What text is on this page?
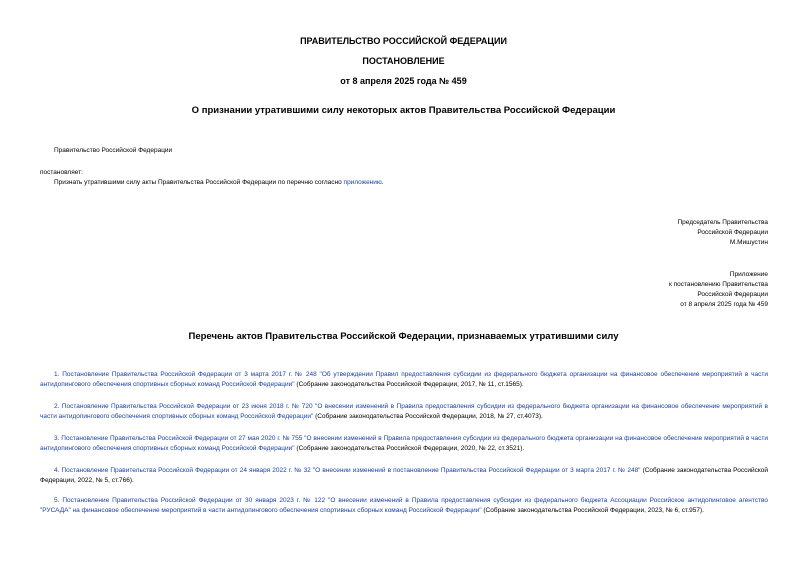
ПРАВИТЕЛЬСТВО РОССИЙСКОЙ ФЕДЕРАЦИИ
ПОСТАНОВЛЕНИЕ
от 8 апреля 2025 года № 459
О признании утратившими силу некоторых актов Правительства Российской Федерации
Правительство Российской Федерации
постановляет:
Признать утратившими силу акты Правительства Российской Федерации по перечню согласно приложению.
Председатель Правительства
Российской Федерации
М.Мишустин
Приложение
к постановлению Правительства
Российской Федерации
от 8 апреля 2025 года № 459
Перечень актов Правительства Российской Федерации, признаваемых утратившими силу
1. Постановление Правительства Российской Федерации от 3 марта 2017 г. № 248 "Об утверждении Правил предоставления субсидии из федерального бюджета организации на финансовое обеспечение мероприятий в части антидопингового обеспечения спортивных сборных команд Российской Федерации" (Собрание законодательства Российской Федерации, 2017, № 11, ст.1565).
2. Постановление Правительства Российской Федерации от 23 июня 2018 г. № 720 "О внесении изменений в Правила предоставления субсидии из федерального бюджета организации на финансовое обеспечение мероприятий в части антидопингового обеспечения спортивных сборных команд Российской Федерации" (Собрание законодательства Российской Федерации, 2018, № 27, ст.4073).
3. Постановление Правительства Российской Федерации от 27 мая 2020 г. № 755 "О внесении изменений в Правила предоставления субсидии из федерального бюджета организации на финансовое обеспечение мероприятий в части антидопингового обеспечения спортивных сборных команд Российской Федерации" (Собрание законодательства Российской Федерации, 2020, № 22, ст.3521).
4. Постановление Правительства Российской Федерации от 24 января 2022 г. № 32 "О внесении изменений в постановление Правительства Российской Федерации от 3 марта 2017 г. № 248" (Собрание законодательства Российской Федерации, 2022, № 5, ст.766).
5. Постановление Правительства Российской Федерации от 30 января 2023 г. № 122 "О внесении изменений в Правила предоставления субсидии из федерального бюджета Ассоциации Российское антидопинговое агентство "РУСАДА" на финансовое обеспечение мероприятий в части антидопингового обеспечения спортивных сборных команд Российской Федерации" (Собрание законодательства Российской Федерации, 2023, № 6, ст.957).
